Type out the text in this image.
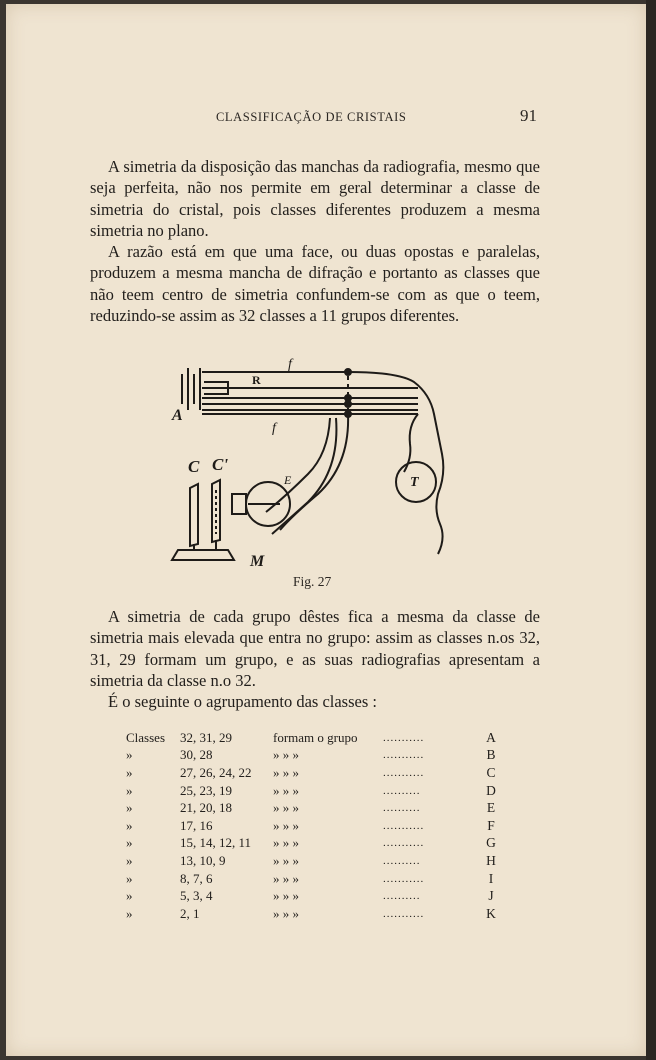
CLASSIFICAÇÃO DE CRISTAIS	91

A simetria da disposição das manchas da radiografia, mesmo que seja perfeita, não nos permite em geral determinar a classe de simetria do cristal, pois classes diferentes produzem a mesma simetria no plano.

A razão está em que uma face, ou duas opostas e paralelas, produzem a mesma mancha de difração e portanto as classes que não teem centro de simetria confundem-se com as que o teem, reduzindo-se assim as 32 classes a 11 grupos diferentes.

f
R
A
f
C C'
E	T
M
Fig. 27

A simetria de cada grupo dêstes fica a mesma da classe de simetria mais elevada que entra no grupo: assim as classes n.os 32, 31, 29 formam um grupo, e as suas radiografias apresentam a simetria da classe n.o 32.

É o seguinte o agrupamento das classes :

Classes	32, 31, 29	formam o grupo	...........	A
»	30, 28	» » »	...........	B
»	27, 26, 24, 22	» » »	...........	C
»	25, 23, 19	» » »	..........	D
»	21, 20, 18	» » »	..........	E
»	17, 16	» » »	...........	F
»	15, 14, 12, 11	» » »	...........	G
»	13, 10, 9	» » »	..........	H
»	8, 7, 6	» » »	...........	I
»	5, 3, 4	» » »	..........	J
»	2, 1	» » »	...........	K
